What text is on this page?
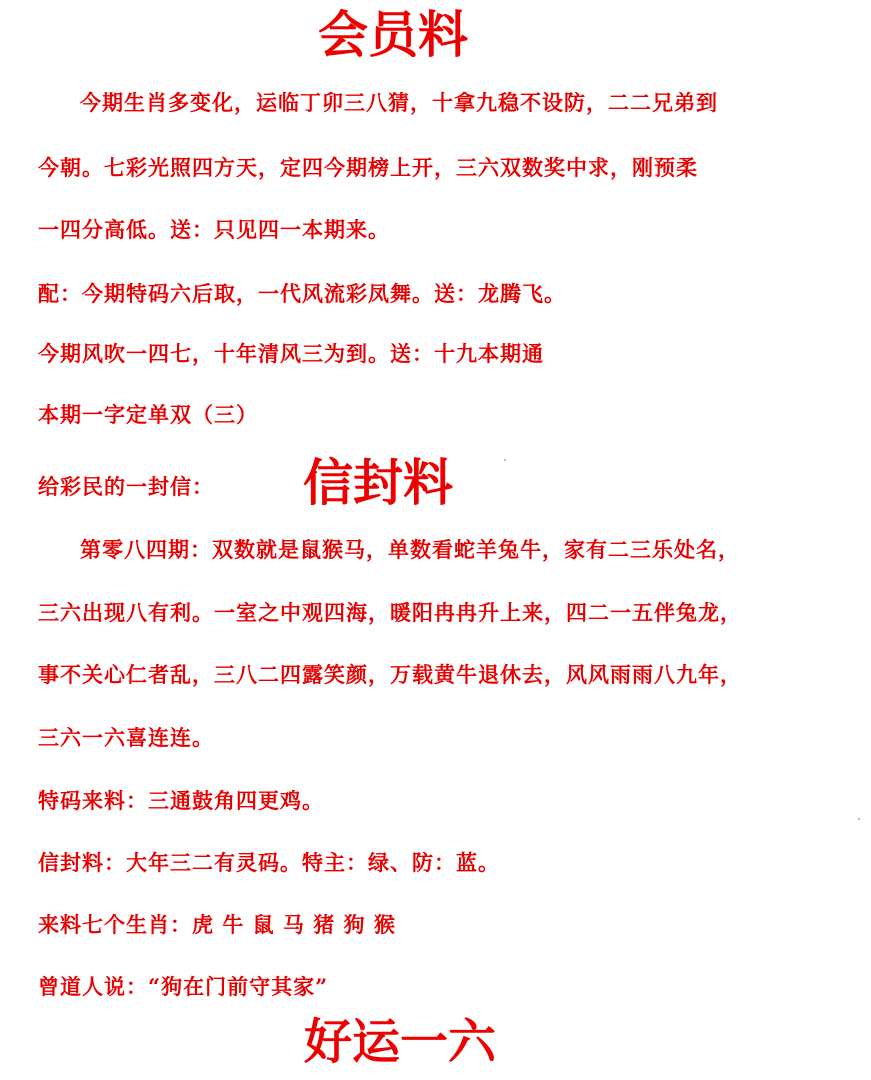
会员料
今期生肖多变化，运临丁卯三八猜，十拿九稳不设防，二二兄弟到
今朝。七彩光照四方天，定四今期榜上开，三六双数奖中求，刚预柔
一四分高低。送：只见四一本期来。
配：今期特码六后取，一代风流彩凤舞。送：龙腾飞。
今期风吹一四七，十年清风三为到。送：十九本期通
本期一字定单双（三）
给彩民的一封信： 信封料
第零八四期：双数就是鼠猴马，单数看蛇羊兔牛，家有二三乐处名，
三六出现八有利。一室之中观四海，暖阳冉冉升上来，四二一五伴兔龙，
事不关心仁者乱，三八二四露笑颜，万载黄牛退休去，风风雨雨八九年，
三六一六喜连连。
特码来料：三通鼓角四更鸡。
信封料：大年三二有灵码。特主：绿、防：蓝。
来料七个生肖：虎 牛 鼠 马 猪 狗 猴
曾道人说：“狗在门前守其家”
好运一六
